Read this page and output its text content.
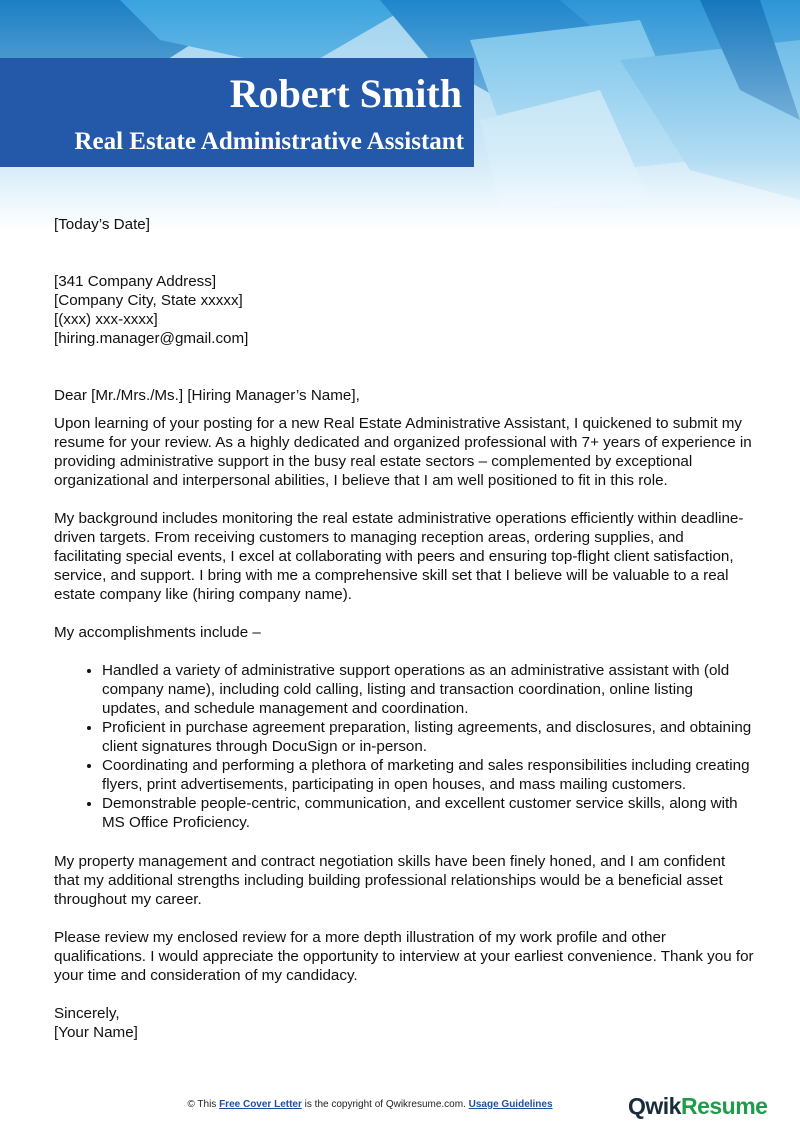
Robert Smith
Real Estate Administrative Assistant

[Today’s Date]

[341 Company Address]

[Company City, State xxxxx]

[(xxx) xxx-xxxx]

[hiring.manager@gmail.com]

Dear [Mr./Mrs./Ms.] [Hiring Manager’s Name],

Upon learning of your posting for a new Real Estate Administrative Assistant, I quickened to submit my resume for your review. As a highly dedicated and organized professional with 7+ years of experience in providing administrative support in the busy real estate sectors – complemented by exceptional organizational and interpersonal abilities, I believe that I am well positioned to fit in this role.

My background includes monitoring the real estate administrative operations efficiently within deadline-driven targets. From receiving customers to managing reception areas, ordering supplies, and facilitating special events, I excel at collaborating with peers and ensuring top-flight client satisfaction, service, and support. I bring with me a comprehensive skill set that I believe will be valuable to a real estate company like (hiring company name).

My accomplishments include –

• Handled a variety of administrative support operations as an administrative assistant with (old company name), including cold calling, listing and transaction coordination, online listing updates, and schedule management and coordination.
• Proficient in purchase agreement preparation, listing agreements, and disclosures, and obtaining client signatures through DocuSign or in-person.
• Coordinating and performing a plethora of marketing and sales responsibilities including creating flyers, print advertisements, participating in open houses, and mass mailing customers.
• Demonstrable people-centric, communication, and excellent customer service skills, along with MS Office Proficiency.

My property management and contract negotiation skills have been finely honed, and I am confident that my additional strengths including building professional relationships would be a beneficial asset throughout my career.

Please review my enclosed review for a more depth illustration of my work profile and other qualifications. I would appreciate the opportunity to interview at your earliest convenience. Thank you for your time and consideration of my candidacy.

Sincerely,

[Your Name]

© This Free Cover Letter is the copyright of Qwikresume.com. Usage Guidelines	QwikResume
